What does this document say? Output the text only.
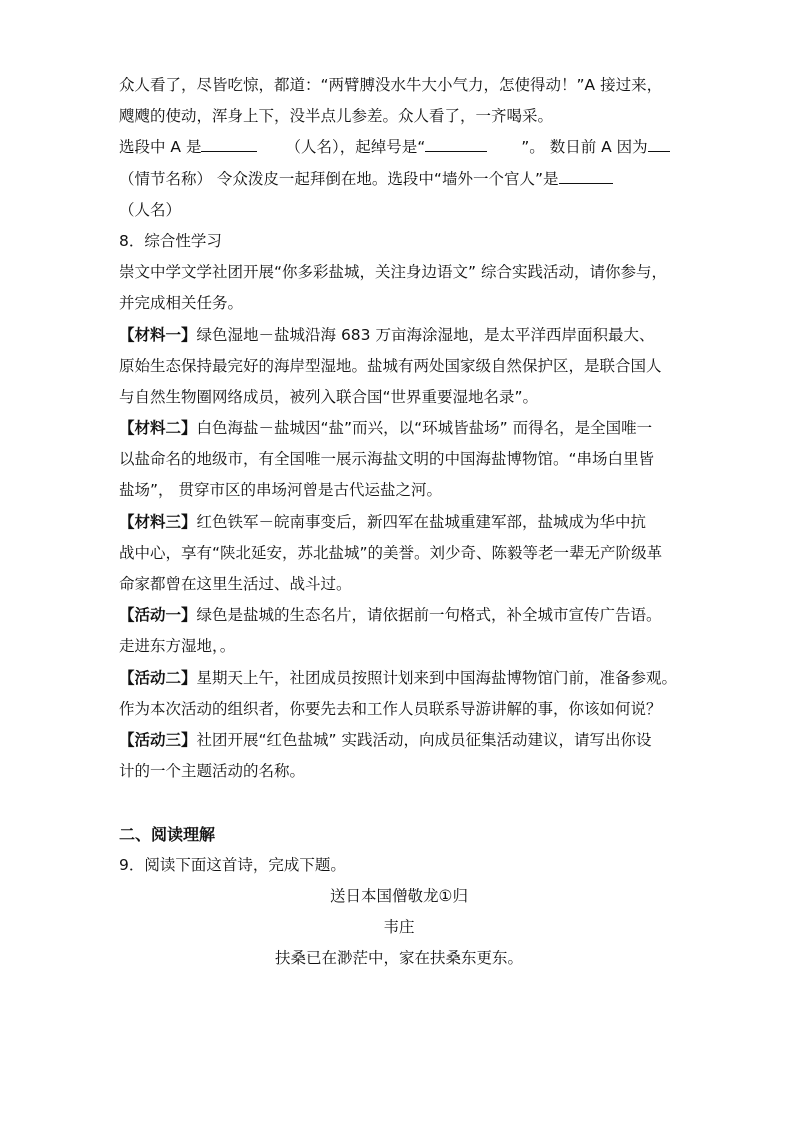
众人看了，尽皆吃惊，都道：“两臂膊没水牛大小气力，怎使得动！”A 接过来，
飕飕的使动，浑身上下，没半点儿参差。众人看了，一齐喝采。
选段中 A 是	（人名），起绰号是“	”。 数日前 A 因为
（情节名称） 令众泼皮一起拜倒在地。选段中“墙外一个官人”是
（人名）
8．综合性学习
崇文中学文学社团开展“你多彩盐城，关注身边语文” 综合实践活动，请你参与，
并完成相关任务。
【材料一】绿色湿地－盐城沿海 683 万亩海涂湿地，是太平洋西岸面积最大、
原始生态保持最完好的海岸型湿地。盐城有两处国家级自然保护区，是联合国人
与自然生物圈网络成员，被列入联合国“世界重要湿地名录”。
【材料二】白色海盐－盐城因“盐”而兴，以“环城皆盐场” 而得名，是全国唯一
以盐命名的地级市，有全国唯一展示海盐文明的中国海盐博物馆。“串场白里皆
盐场”， 贯穿市区的串场河曾是古代运盐之河。
【材料三】红色铁军－皖南事变后，新四军在盐城重建军部，盐城成为华中抗
战中心，享有“陕北延安，苏北盐城”的美誉。刘少奇、陈毅等老一辈无产阶级革
命家都曾在这里生活过、战斗过。
【活动一】绿色是盐城的生态名片，请依据前一句格式，补全城市宣传广告语。
走进东方湿地，。
【活动二】星期天上午，社团成员按照计划来到中国海盐博物馆门前，准备参观。
作为本次活动的组织者，你要先去和工作人员联系导游讲解的事，你该如何说？
【活动三】社团开展“红色盐城” 实践活动，向成员征集活动建议，请写出你设
计的一个主题活动的名称。
二、阅读理解
9．阅读下面这首诗，完成下题。
送日本国僧敬龙①归
韦庄
扶桑已在渺茫中，家在扶桑东更东。
